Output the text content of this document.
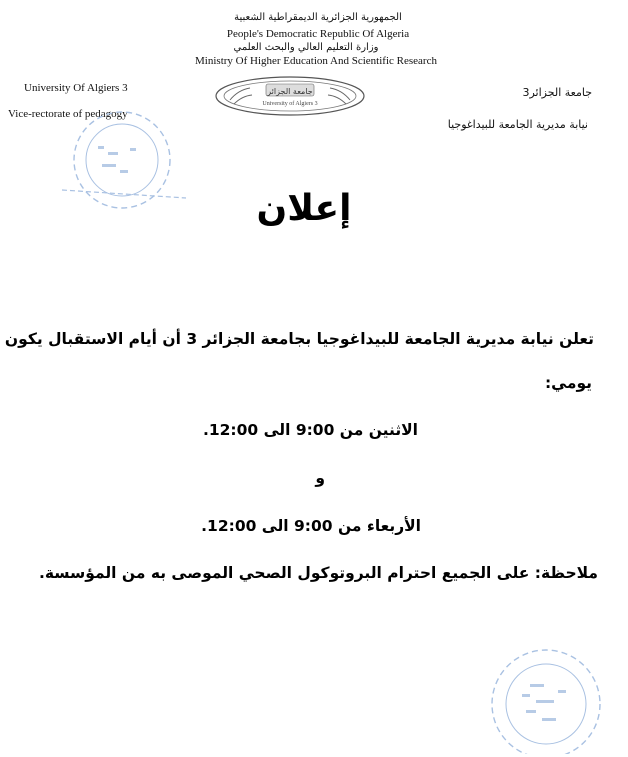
الجمهورية الجزائرية الديمقراطية الشعبية
People's Democratic Republic Of Algeria
وزارة التعليم العالي والبحث العلمي
Ministry Of Higher Education And Scientific Research
University Of Algiers 3
Vice-rectorate of pedagogy
جامعة الجزائر3
نيابة مديرية الجامعة للبيداغوجيا
جامعة الجزائر
University of Algiers 3
إعلان
تعلن نيابة مديرية الجامعة للبيداغوجيا بجامعة الجزائر 3 أن أيام الاستقبال يكون
يومي:
الاثنين من 9:00 الى 12:00.
و
الأربعاء من 9:00 الى 12:00.
ملاحظة: على الجميع احترام البروتوكول الصحي الموصى به من المؤسسة.
